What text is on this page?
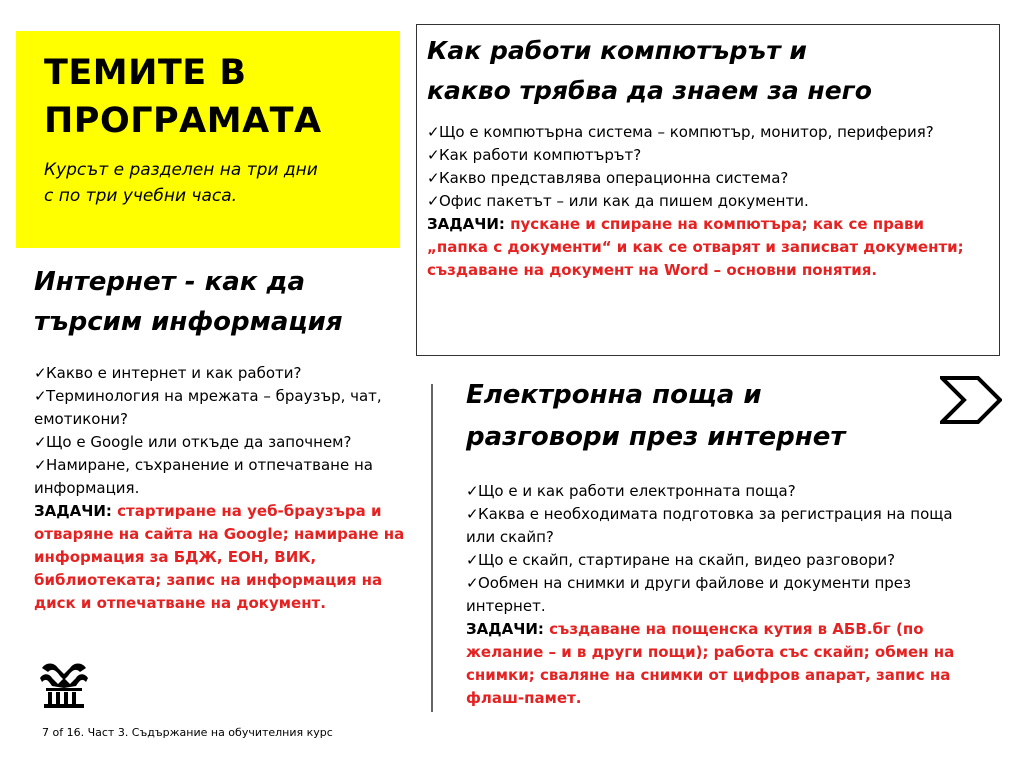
ТЕМИТЕ В
ПРОГРАМАТА

Курсът е разделен на три дни
с по три учебни часа.

Как работи компютърът и
какво трябва да знаем за него
✓Що е компютърна система – компютър, монитор, периферия?
✓Как работи компютърът?
✓Какво представлява операционна система?
✓Офис пакетът – или как да пишем документи.
ЗАДАЧИ: пускане и спиране на компютъра; как се прави „папка с документи“ и как се отварят и записват документи; създаване на документ на Word – основни понятия.
Интернет - как да
търсим информация
✓Какво е интернет и как работи?
✓Терминология на мрежата – браузър, чат, емотикони?
✓Що е Google или откъде да започнем?
✓Намиране, съхранение и отпечатване на информация.
ЗАДАЧИ: стартиране на уеб-браузъра и отваряне на сайта на Google; намиране на информация за БДЖ, ЕОН, ВИК, библиотеката; запис на информация на диск и отпечатване на документ.
Електронна поща и
разговори през интернет
✓Що е и как работи електронната поща?
✓Каква е необходимата подготовка за регистрация на поща или скайп?
✓Що е скайп, стартиране на скайп, видео разговори?
✓Ообмен на снимки и други файлове и документи през интернет.
ЗАДАЧИ: създаване на пощенска кутия в АБВ.бг (по желание – и в други пощи); работа със скайп; обмен на снимки; сваляне на снимки от цифров апарат, запис на флаш-памет.
7 of 16. Част 3. Съдържание на обучителния курс
